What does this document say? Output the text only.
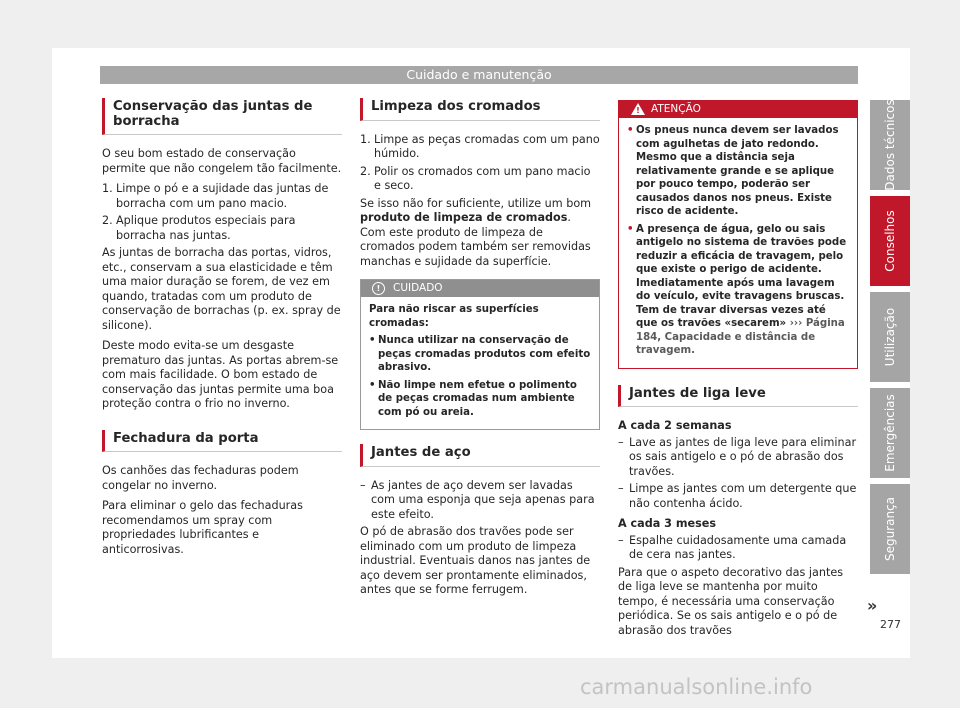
Cuidado e manutenção
Conservação das juntas de borracha

O seu bom estado de conservação permite que não congelem tão facilmente.

1. Limpe o pó e a sujidade das juntas de borracha com um pano macio.
2. Aplique produtos especiais para borracha nas juntas.

As juntas de borracha das portas, vidros, etc., conservam a sua elasticidade e têm uma maior duração se forem, de vez em quando, tratadas com um produto de conservação de borrachas (p. ex. spray de silicone).

Deste modo evita-se um desgaste prematuro das juntas. As portas abrem-se com mais facilidade. O bom estado de conservação das juntas permite uma boa proteção contra o frio no inverno.

Fechadura da porta

Os canhões das fechaduras podem congelar no inverno.

Para eliminar o gelo das fechaduras recomendamos um spray com propriedades lubrificantes e anticorrosivas.

Limpeza dos cromados
1. Limpe as peças cromadas com um pano húmido.
2. Polir os cromados com um pano macio e seco.

Se isso não for suficiente, utilize um bom produto de limpeza de cromados. Com este produto de limpeza de cromados podem também ser removidas manchas e sujidade da superfície.

!	CUIDADO

Para não riscar as superfícies cromadas:

• Nunca utilizar na conservação de peças cromadas produtos com efeito abrasivo.
• Não limpe nem efetue o polimento de peças cromadas num ambiente com pó ou areia.
Jantes de aço
– As jantes de aço devem ser lavadas com uma esponja que seja apenas para este efeito.

O pó de abrasão dos travões pode ser eliminado com um produto de limpeza industrial. Eventuais danos nas jantes de aço devem ser prontamente eliminados, antes que se forme ferrugem.

! ATENÇÃO
• Os pneus nunca devem ser lavados com agulhetas de jato redondo. Mesmo que a distância seja relativamente grande e se aplique por pouco tempo, poderão ser causados danos nos pneus. Existe risco de acidente.
• A presença de água, gelo ou sais antigelo no sistema de travões pode reduzir a eficácia de travagem, pelo que existe o perigo de acidente. Imediatamente após uma lavagem do veículo, evite travagens bruscas. Tem de travar diversas vezes até que os travões «secarem» ››› Página 184, Capacidade e distância de travagem.
Jantes de liga leve
A cada 2 semanas
– Lave as jantes de liga leve para eliminar os sais antigelo e o pó de abrasão dos travões.
– Limpe as jantes com um detergente que não contenha ácido.
A cada 3 meses
– Espalhe cuidadosamente uma camada de cera nas jantes.

Para que o aspeto decorativo das jantes de liga leve se mantenha por muito tempo, é necessária uma conservação periódica. Se os sais antigelo e o pó de abrasão dos travões

Dados técnicos
Conselhos
Utilização
Emergências
Segurança
»
277
carmanualsonline.info
